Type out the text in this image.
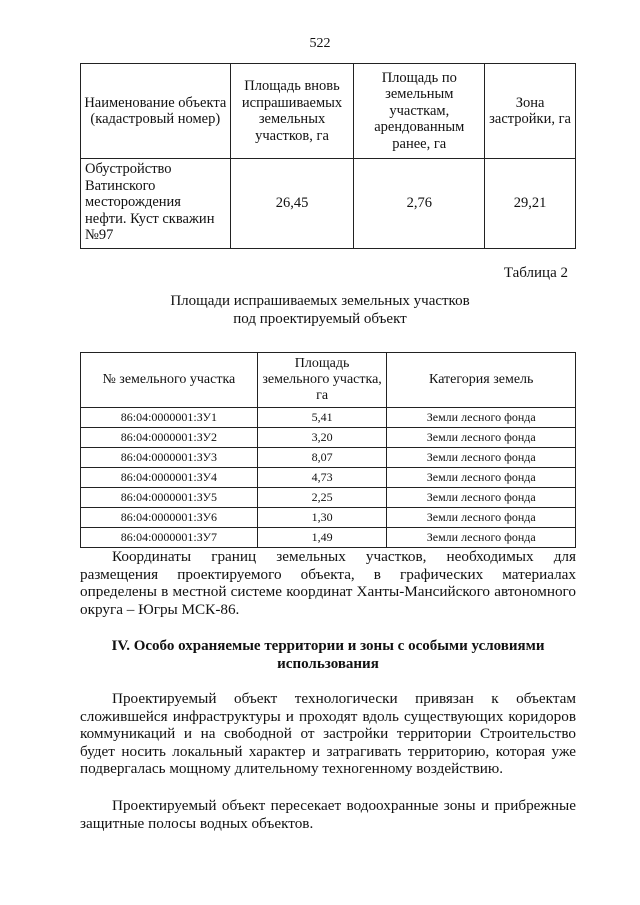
522
Наименование объекта (кадастровый номер)	Площадь вновь испрашиваемых земельных участков, га	Площадь по земельным участкам, арендованным ранее, га	Зона застройки, га
Обустройство Ватинского месторождения нефти. Куст скважин №97	26,45	2,76	29,21
Таблица 2
Площади испрашиваемых земельных участков
под проектируемый объект
№ земельного участка	Площадь земельного участка, га	Категория земель
86:04:0000001:ЗУ1	5,41	Земли лесного фонда
86:04:0000001:ЗУ2	3,20	Земли лесного фонда
86:04:0000001:ЗУ3	8,07	Земли лесного фонда
86:04:0000001:ЗУ4	4,73	Земли лесного фонда
86:04:0000001:ЗУ5	2,25	Земли лесного фонда
86:04:0000001:ЗУ6	1,30	Земли лесного фонда
86:04:0000001:ЗУ7	1,49	Земли лесного фонда
Координаты границ земельных участков, необходимых для размещения проектируемого объекта, в графических материалах определены в местной системе координат Ханты-Мансийского автономного округа – Югры МСК-86.
IV. Особо охраняемые территории и зоны с особыми условиями использования
Проектируемый объект технологически привязан к объектам сложившейся инфраструктуры и проходят вдоль существующих коридоров коммуникаций и на свободной от застройки территории Строительство будет носить локальный характер и затрагивать территорию, которая уже подвергалась мощному длительному техногенному воздействию.
Проектируемый объект пересекает водоохранные зоны и прибрежные защитные полосы водных объектов.
